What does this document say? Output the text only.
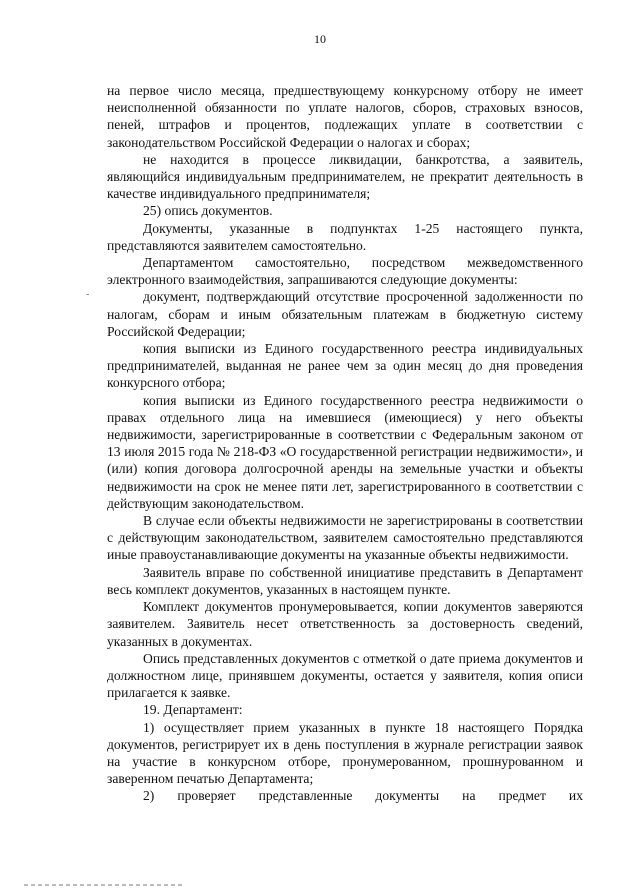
10
-

на первое число месяца, предшествующему конкурсному отбору не имеет неисполненной обязанности по уплате налогов, сборов, страховых взносов, пеней, штрафов и процентов, подлежащих уплате в соответствии с законодательством Российской Федерации о налогах и сборах;

не находится в процессе ликвидации, банкротства, а заявитель, являющийся индивидуальным предпринимателем, не прекратит деятельность в качестве индивидуального предпринимателя;

25) опись документов.

Документы, указанные в подпунктах 1-25 настоящего пункта, представляются заявителем самостоятельно.

Департаментом самостоятельно, посредством межведомственного электронного взаимодействия, запрашиваются следующие документы:

документ, подтверждающий отсутствие просроченной задолженности по налогам, сборам и иным обязательным платежам в бюджетную систему Российской Федерации;

копия выписки из Единого государственного реестра индивидуальных предпринимателей, выданная не ранее чем за один месяц до дня проведения конкурсного отбора;

копия выписки из Единого государственного реестра недвижимости о правах отдельного лица на имевшиеся (имеющиеся) у него объекты недвижимости, зарегистрированные в соответствии с Федеральным законом от 13 июля 2015 года № 218-ФЗ «О государственной регистрации недвижимости», и (или) копия договора долгосрочной аренды на земельные участки и объекты недвижимости на срок не менее пяти лет, зарегистрированного в соответствии с действующим законодательством.

В случае если объекты недвижимости не зарегистрированы в соответствии с действующим законодательством, заявителем самостоятельно представляются иные правоустанавливающие документы на указанные объекты недвижимости.

Заявитель вправе по собственной инициативе представить в Департамент весь комплект документов, указанных в настоящем пункте.

Комплект документов пронумеровывается, копии документов заверяются заявителем. Заявитель несет ответственность за достоверность сведений, указанных в документах.

Опись представленных документов с отметкой о дате приема документов и должностном лице, принявшем документы, остается у заявителя, копия описи прилагается к заявке.

19. Департамент:

1) осуществляет прием указанных в пункте 18 настоящего Порядка документов, регистрирует их в день поступления в журнале регистрации заявок на участие в конкурсном отборе, пронумерованном, прошнурованном и заверенном печатью Департамента;

2) проверяет представленные документы на предмет их
